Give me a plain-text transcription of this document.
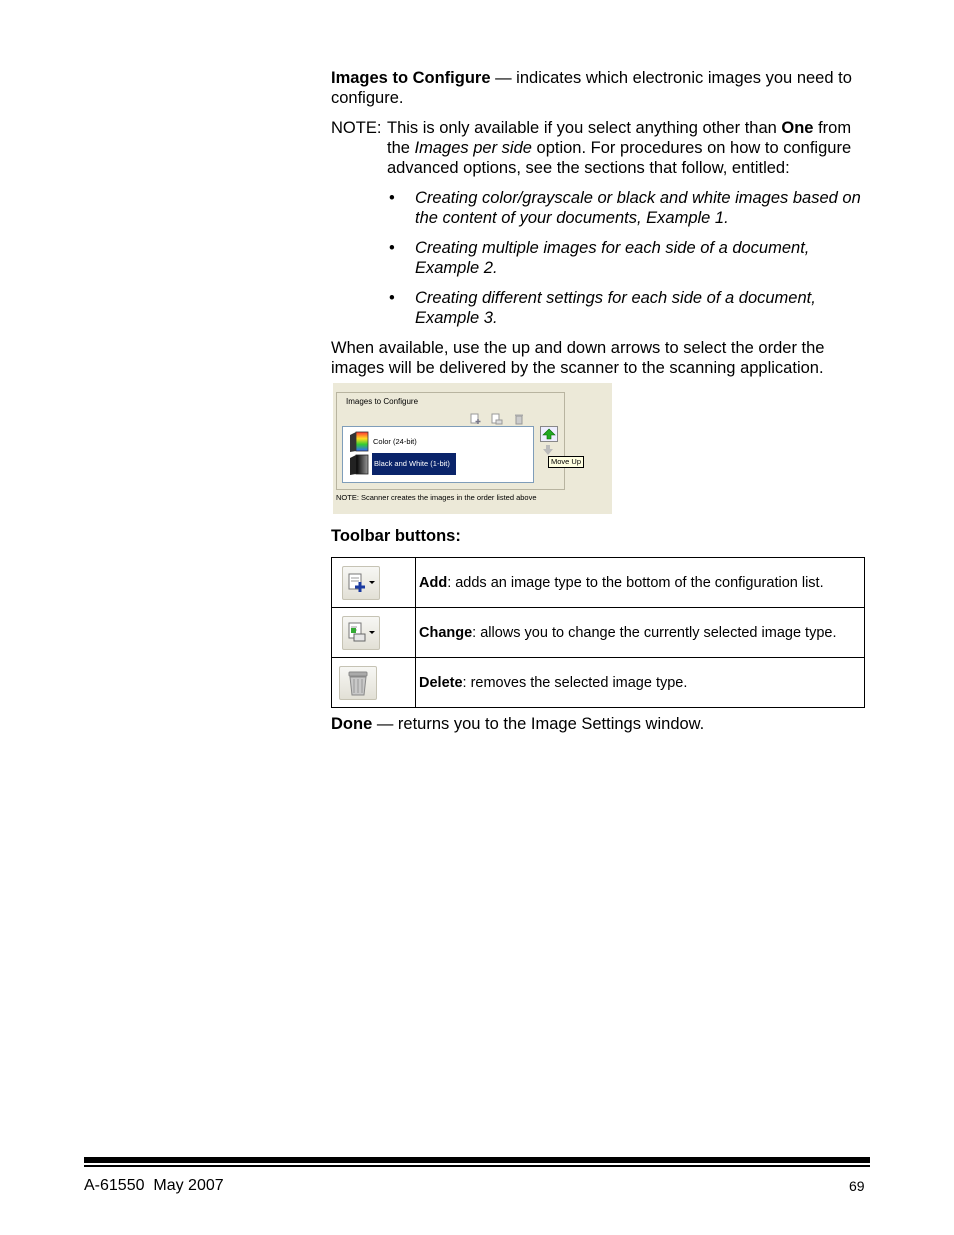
Images to Configure — indicates which electronic images you need to configure.

NOTE: This is only available if you select anything other than One from the Images per side option. For procedures on how to configure advanced options, see the sections that follow, entitled:

• Creating color/grayscale or black and white images based on the content of your documents, Example 1.

• Creating multiple images for each side of a document, Example 2.

• Creating different settings for each side of a document, Example 3.

When available, use the up and down arrows to select the order the images will be delivered by the scanner to the scanning application.

Images to Configure
Color (24-bit)
Black and White (1-bit)	Move Up
NOTE: Scanner creates the images in the order listed above

Toolbar buttons:

	Add: adds an image type to the bottom of the configuration list.

	Change: allows you to change the currently selected image type.

	Delete: removes the selected image type.

Done — returns you to the Image Settings window.

A-61550  May 2007	69
